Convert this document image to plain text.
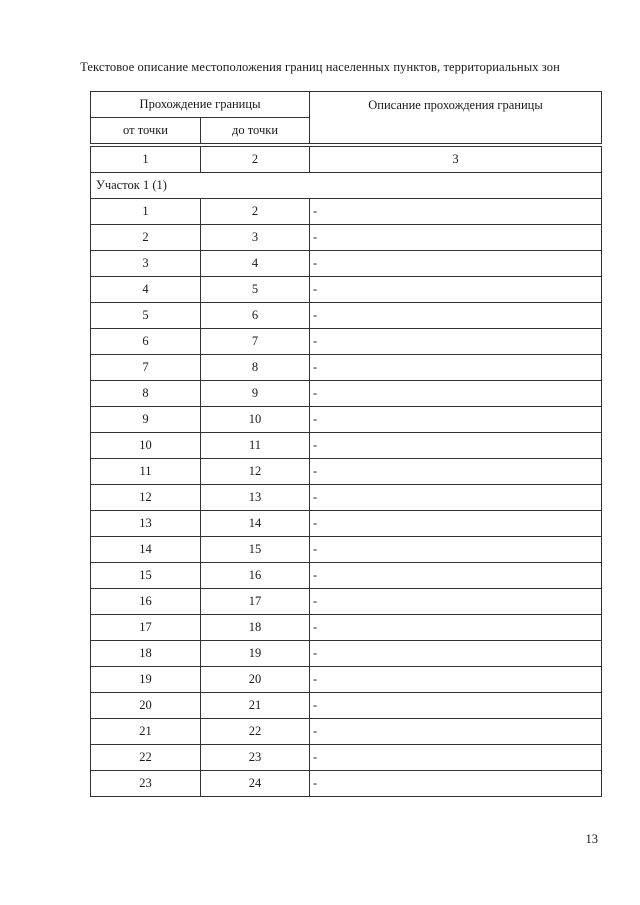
Текстовое описание местоположения границ населенных пунктов, территориальных зон
Прохождение границы		Описание прохождения границы
от точки	до точки	

1	2	3
Участок 1 (1)		
1	2	-
2	3	-
3	4	-
4	5	-
5	6	-
6	7	-
7	8	-
8	9	-
9	10	-
10	11	-
11	12	-
12	13	-
13	14	-
14	15	-
15	16	-
16	17	-
17	18	-
18	19	-
19	20	-
20	21	-
21	22	-
22	23	-
23	24	-
13
